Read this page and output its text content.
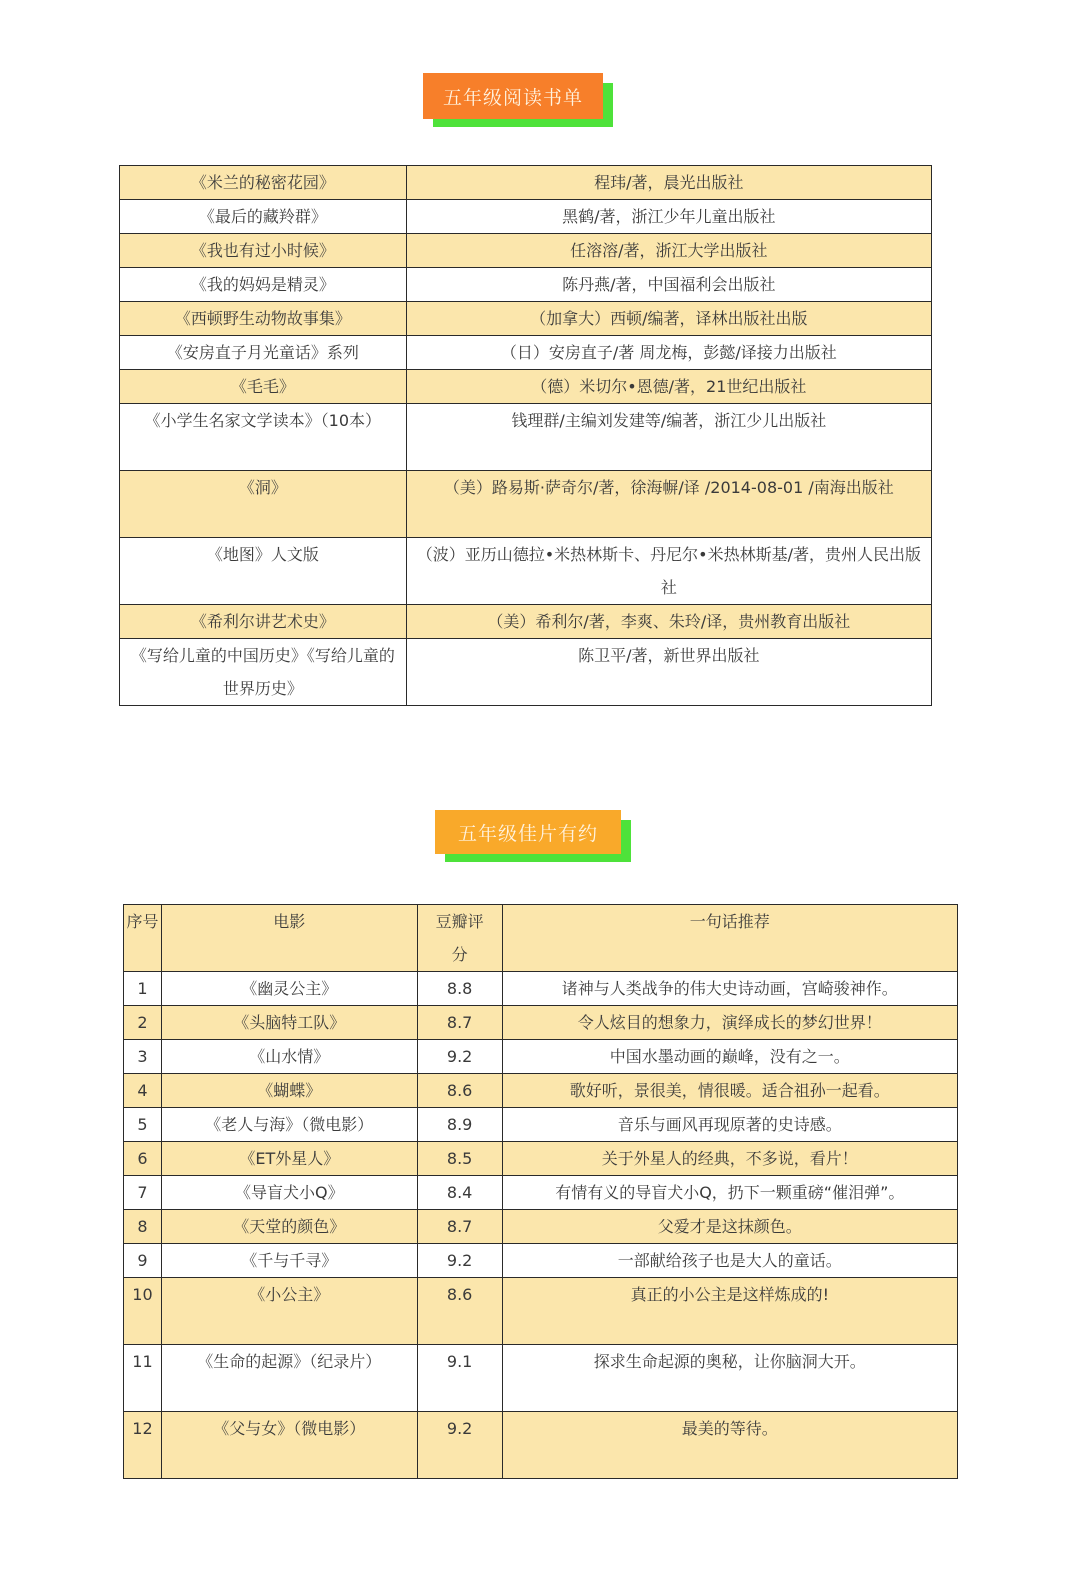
五年级阅读书单
《米兰的秘密花园》	程玮/著，晨光出版社
《最后的藏羚群》	黑鹤/著，浙江少年儿童出版社
《我也有过小时候》	任溶溶/著，浙江大学出版社
《我的妈妈是精灵》	陈丹燕/著，中国福利会出版社
《西顿野生动物故事集》	（加拿大）西顿/编著，译林出版社出版
《安房直子月光童话》系列	（日）安房直子/著 周龙梅，彭懿/译接力出版社
《毛毛》	（德）米切尔•恩德/著，21世纪出版社
《小学生名家文学读本》（10本）	钱理群/主编刘发建等/编著，浙江少儿出版社
《洞》	（美）路易斯·萨奇尔/著，徐海幈/译 /2014-08-01 /南海出版社
《地图》人文版	（波）亚历山德拉•米热林斯卡、丹尼尔•米热林斯基/著，贵州人民出版社
《希利尔讲艺术史》	（美）希利尔/著，李爽、朱玲/译，贵州教育出版社
《写给儿童的中国历史》《写给儿童的世界历史》	陈卫平/著，新世界出版社
五年级佳片有约
序号	电影	豆瓣评分	一句话推荐
1	《幽灵公主》	8.8	诸神与人类战争的伟大史诗动画，宫崎骏神作。
2	《头脑特工队》	8.7	令人炫目的想象力，演绎成长的梦幻世界！
3	《山水情》	9.2	中国水墨动画的巅峰，没有之一。
4	《蝴蝶》	8.6	歌好听，景很美，情很暖。适合祖孙一起看。
5	《老人与海》（微电影）	8.9	音乐与画风再现原著的史诗感。
6	《ET外星人》	8.5	关于外星人的经典，不多说，看片！
7	《导盲犬小Q》	8.4	有情有义的导盲犬小Q，扔下一颗重磅“催泪弹”。
8	《天堂的颜色》	8.7	父爱才是这抹颜色。
9	《千与千寻》	9.2	一部献给孩子也是大人的童话。
10	《小公主》	8.6	真正的小公主是这样炼成的!
11	《生命的起源》（纪录片）	9.1	探求生命起源的奥秘，让你脑洞大开。
12	《父与女》（微电影）	9.2	最美的等待。
